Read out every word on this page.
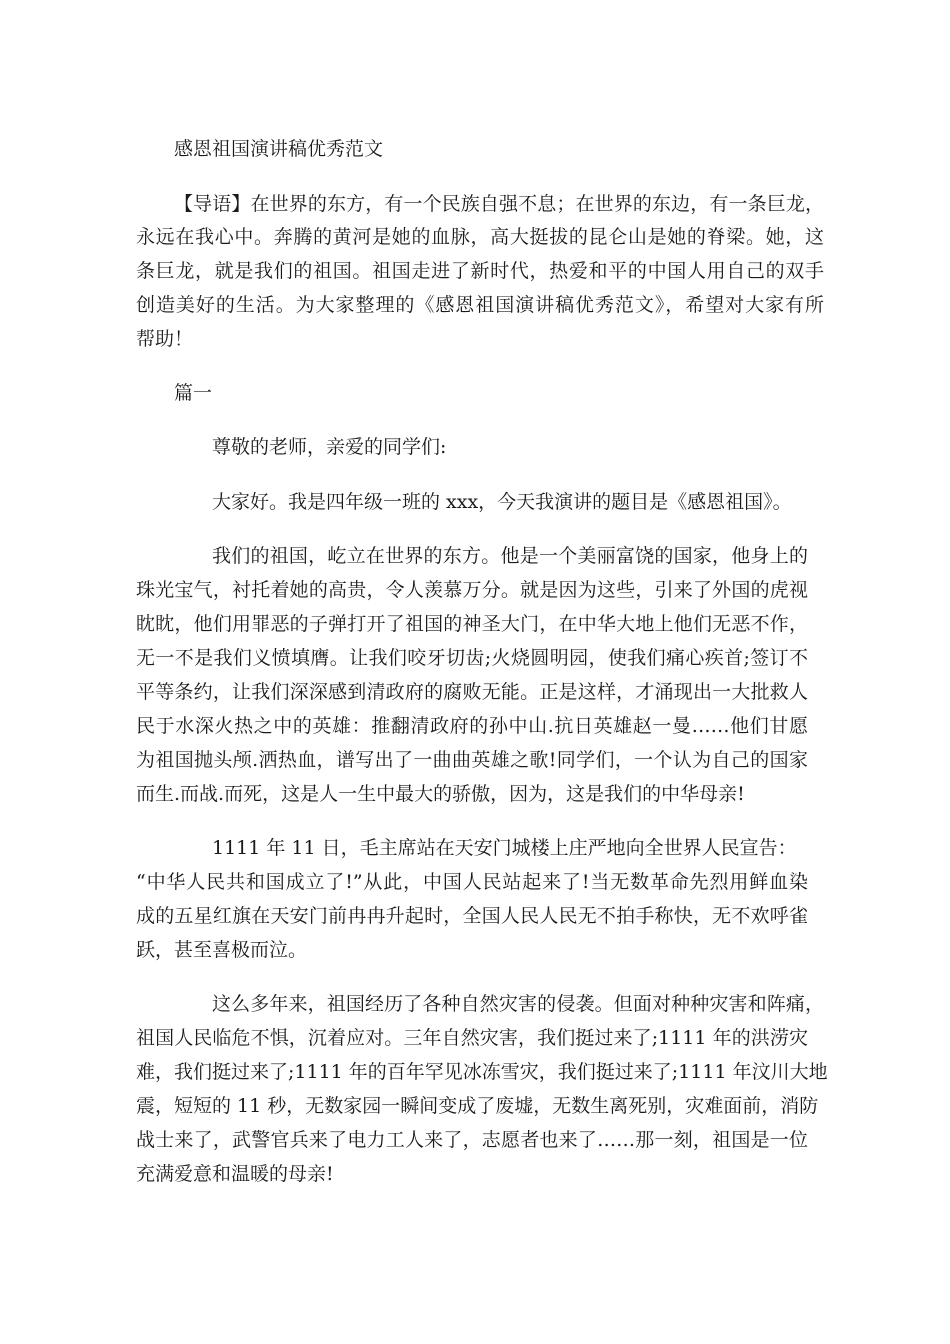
感恩祖国演讲稿优秀范文
【导语】在世界的东方，有一个民族自强不息；在世界的东边，有一条巨龙，
永远在我心中。奔腾的黄河是她的血脉，高大挺拔的昆仑山是她的脊梁。她，这
条巨龙，就是我们的祖国。祖国走进了新时代，热爱和平的中国人用自己的双手
创造美好的生活。为大家整理的《感恩祖国演讲稿优秀范文》，希望对大家有所
帮助！
篇一
尊敬的老师，亲爱的同学们:
大家好。我是四年级一班的 xxx，今天我演讲的题目是《感恩祖国》。
我们的祖国，屹立在世界的东方。他是一个美丽富饶的国家，他身上的
珠光宝气，衬托着她的高贵，令人羡慕万分。就是因为这些，引来了外国的虎视
眈眈，他们用罪恶的子弹打开了祖国的神圣大门，在中华大地上他们无恶不作，
无一不是我们义愤填膺。让我们咬牙切齿;火烧圆明园，使我们痛心疾首;签订不
平等条约，让我们深深感到清政府的腐败无能。正是这样，才涌现出一大批救人
民于水深火热之中的英雄：推翻清政府的孙中山.抗日英雄赵一曼……他们甘愿
为祖国抛头颅.洒热血，谱写出了一曲曲英雄之歌!同学们，一个认为自己的国家
而生.而战.而死，这是人一生中最大的骄傲，因为，这是我们的中华母亲!
1111 年 11 日，毛主席站在天安门城楼上庄严地向全世界人民宣告：
“中华人民共和国成立了!”从此，中国人民站起来了!当无数革命先烈用鲜血染
成的五星红旗在天安门前冉冉升起时，全国人民人民无不拍手称快，无不欢呼雀
跃，甚至喜极而泣。
这么多年来，祖国经历了各种自然灾害的侵袭。但面对种种灾害和阵痛，
祖国人民临危不惧，沉着应对。三年自然灾害，我们挺过来了;1111 年的洪涝灾
难，我们挺过来了;1111 年的百年罕见冰冻雪灾，我们挺过来了;1111 年汶川大地
震，短短的 11 秒，无数家园一瞬间变成了废墟，无数生离死别，灾难面前，消防
战士来了，武警官兵来了电力工人来了，志愿者也来了……那一刻，祖国是一位
充满爱意和温暖的母亲!
